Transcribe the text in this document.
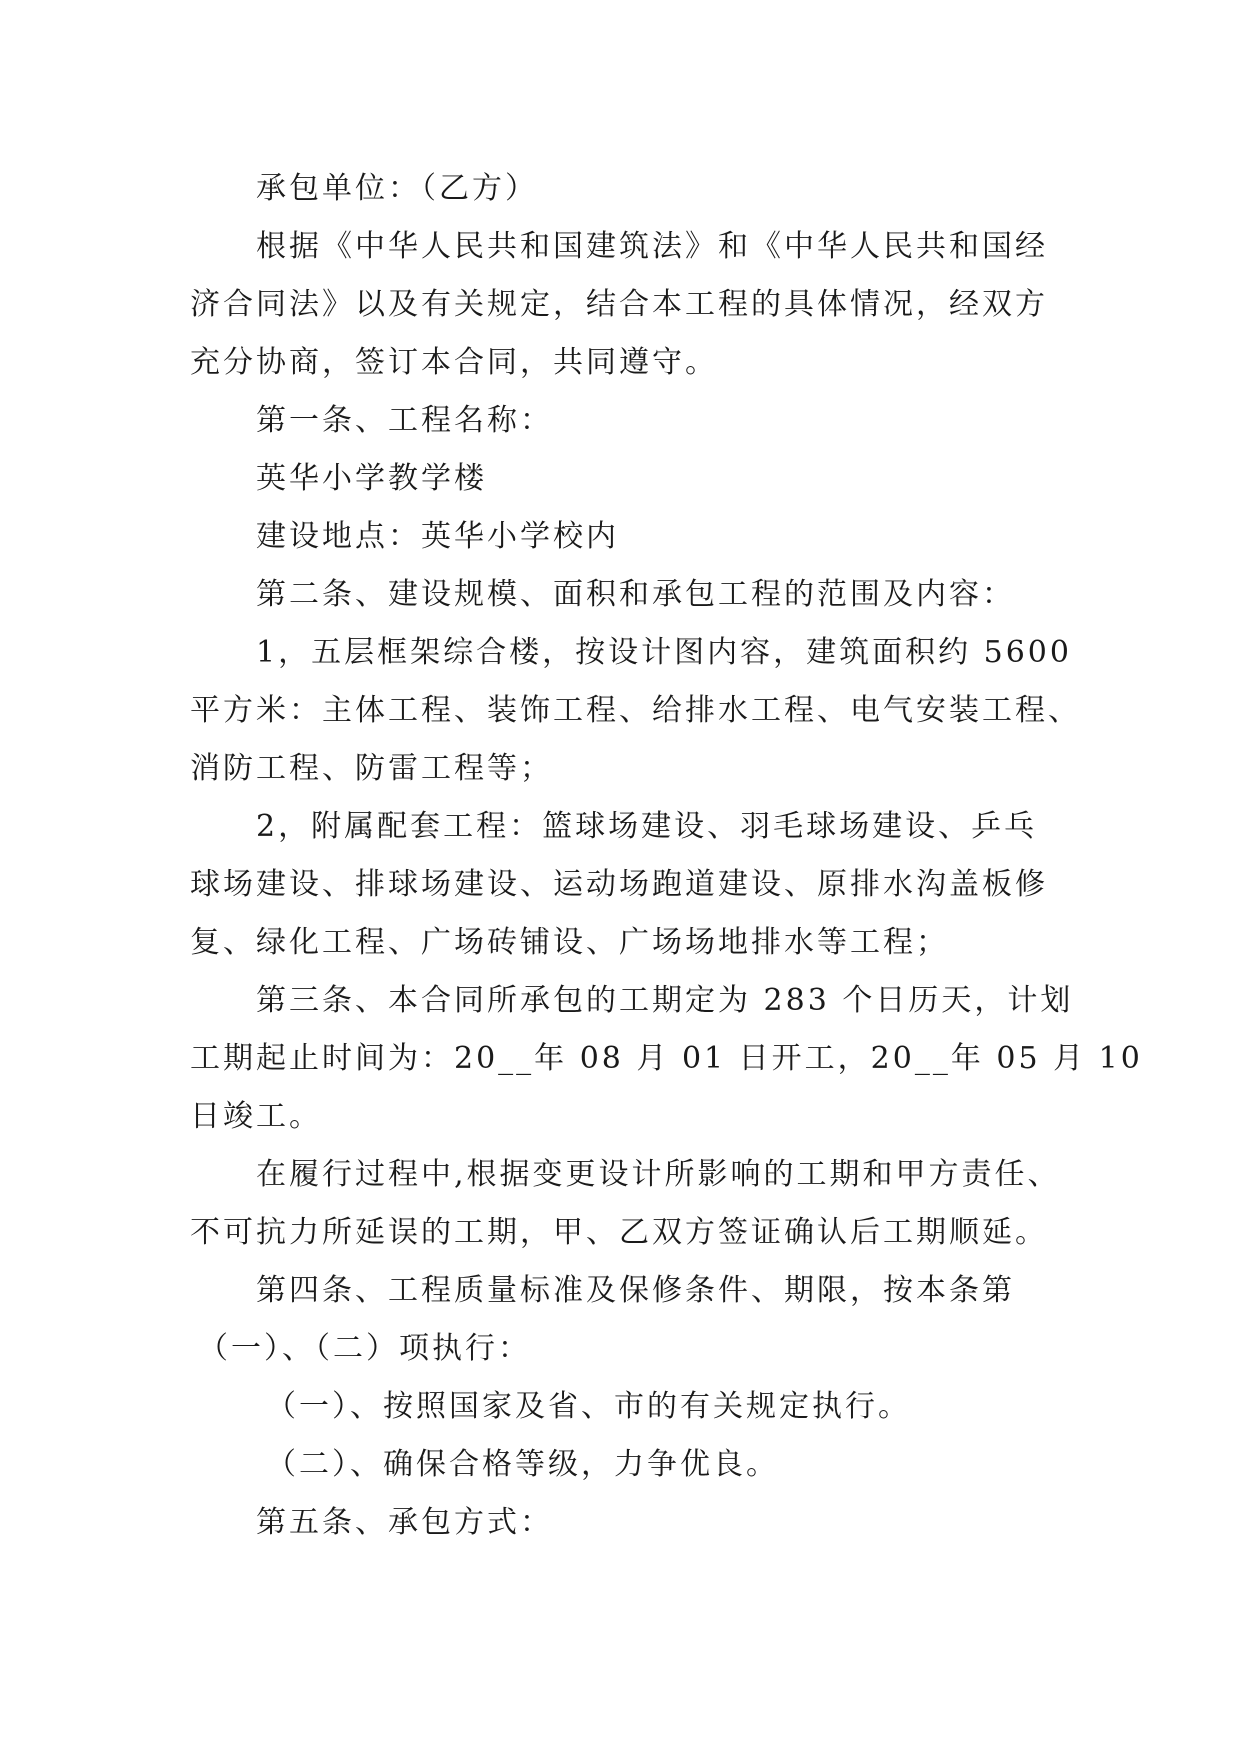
承包单位：（乙方）
根据《中华人民共和国建筑法》和《中华人民共和国经
济合同法》以及有关规定，结合本工程的具体情况，经双方
充分协商，签订本合同，共同遵守。
第一条、工程名称：
英华小学教学楼
建设地点：英华小学校内
第二条、建设规模、面积和承包工程的范围及内容：
1，五层框架综合楼，按设计图内容，建筑面积约 5600
平方米：主体工程、装饰工程、给排水工程、电气安装工程、
消防工程、防雷工程等；
2，附属配套工程：篮球场建设、羽毛球场建设、乒乓
球场建设、排球场建设、运动场跑道建设、原排水沟盖板修
复、绿化工程、广场砖铺设、广场场地排水等工程；
第三条、本合同所承包的工期定为 283 个日历天，计划
工期起止时间为：20__年 08 月 01 日开工，20__年 05 月 10
日竣工。
在履行过程中,根据变更设计所影响的工期和甲方责任、
不可抗力所延误的工期，甲、乙双方签证确认后工期顺延。
第四条、工程质量标准及保修条件、期限，按本条第
（一）、（二）项执行：
（一）、按照国家及省、市的有关规定执行。
（二）、确保合格等级，力争优良。
第五条、承包方式：
